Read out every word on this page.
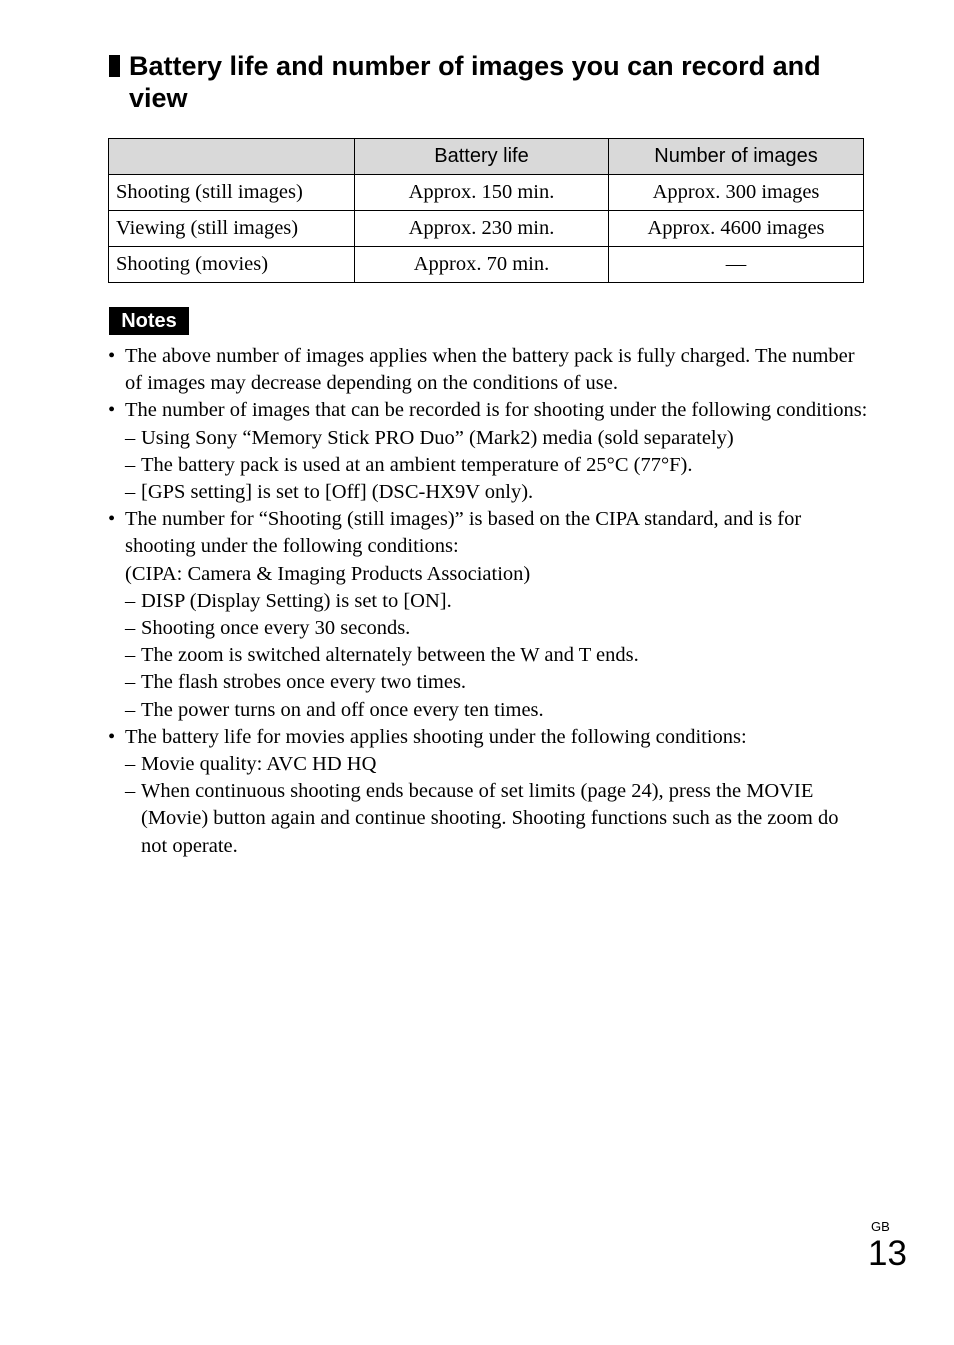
Battery life and number of images you can record and view
	Battery life	Number of images
Shooting (still images)	Approx. 150 min.	Approx. 300 images
Viewing (still images)	Approx. 230 min.	Approx. 4600 images
Shooting (movies)	Approx. 70 min.	—
Notes
• The above number of images applies when the battery pack is fully charged. The number of images may decrease depending on the conditions of use.
• The number of images that can be recorded is for shooting under the following conditions:
– Using Sony “Memory Stick PRO Duo” (Mark2) media (sold separately)
– The battery pack is used at an ambient temperature of 25°C (77°F).
– [GPS setting] is set to [Off] (DSC-HX9V only).
• The number for “Shooting (still images)” is based on the CIPA standard, and is for shooting under the following conditions:
(CIPA: Camera & Imaging Products Association)
– DISP (Display Setting) is set to [ON].
– Shooting once every 30 seconds.
– The zoom is switched alternately between the W and T ends.
– The flash strobes once every two times.
– The power turns on and off once every ten times.
• The battery life for movies applies shooting under the following conditions:
– Movie quality: AVC HD HQ
– When continuous shooting ends because of set limits (page 24), press the MOVIE (Movie) button again and continue shooting. Shooting functions such as the zoom do not operate.
GB
13
